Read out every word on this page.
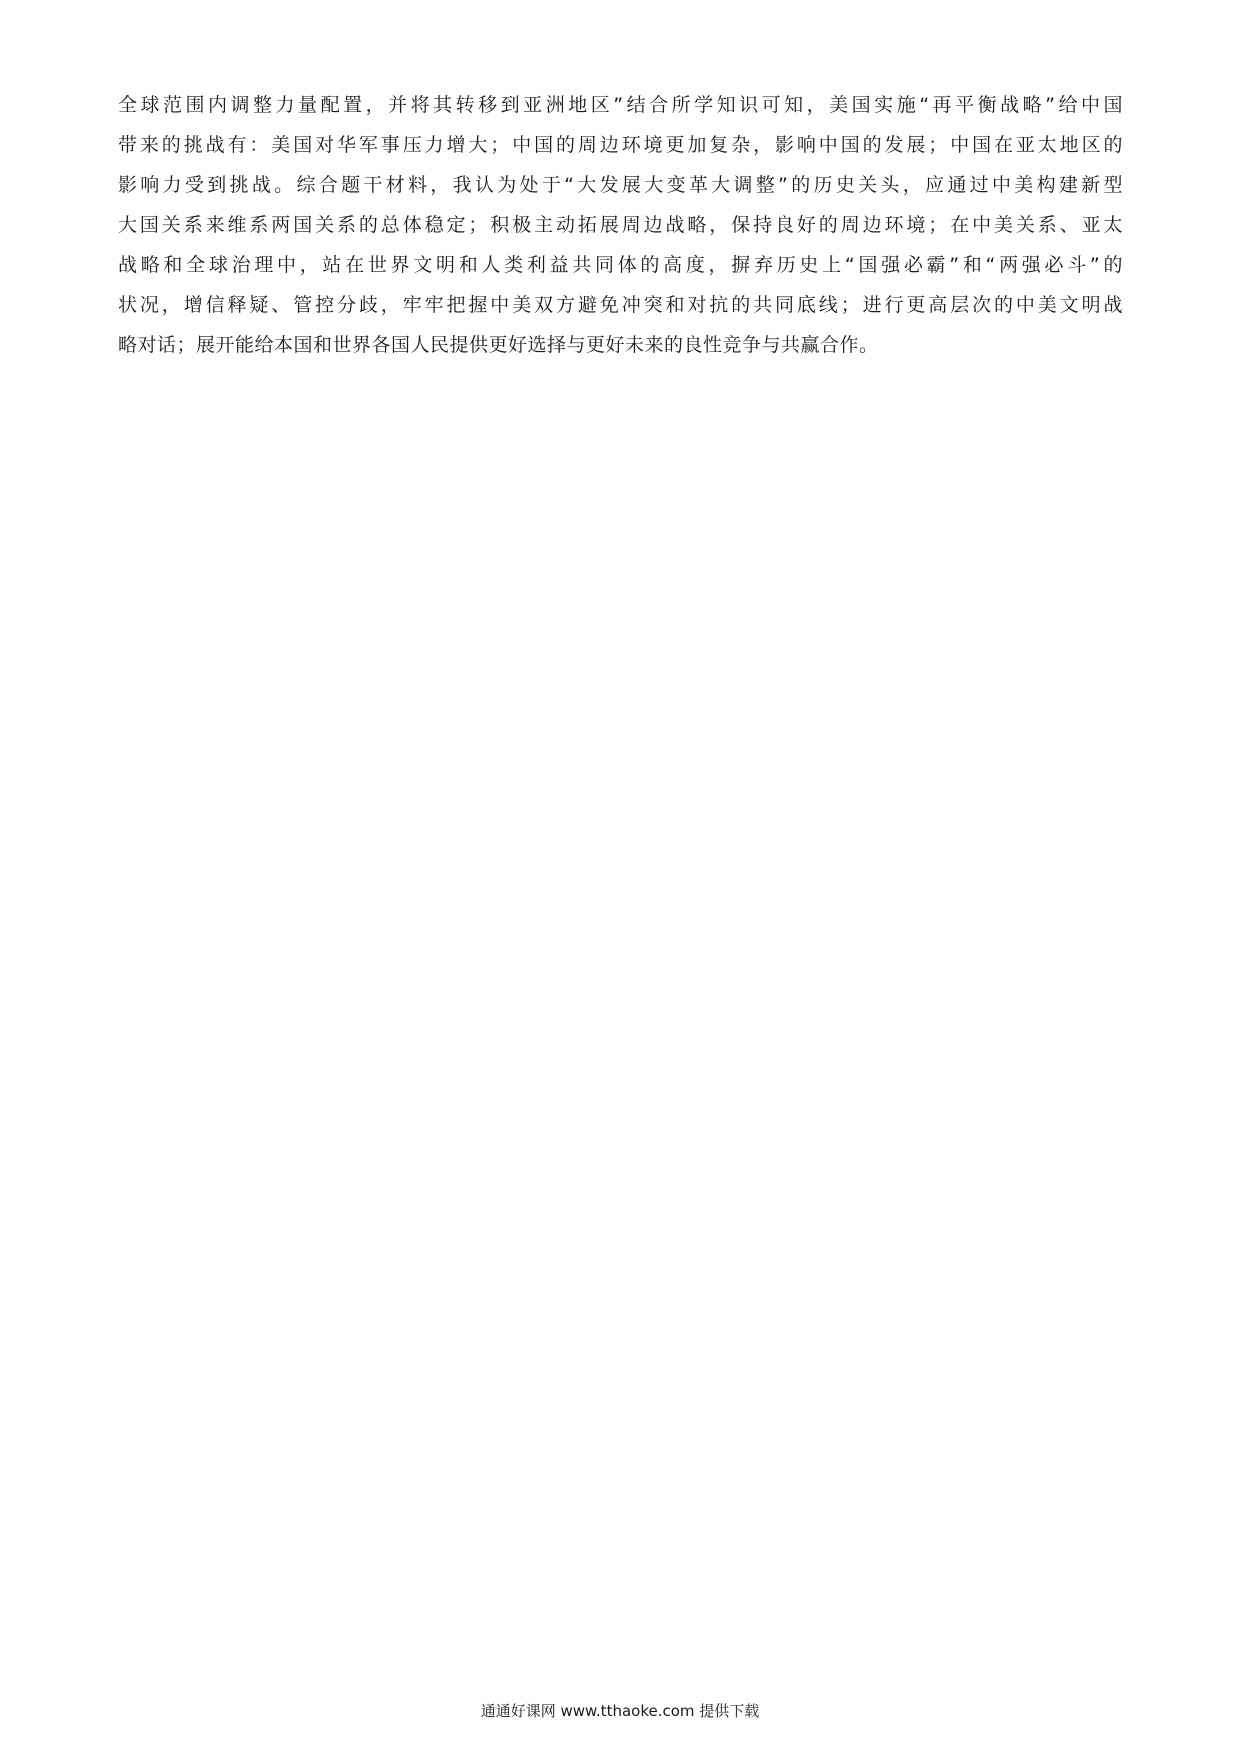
全球范围内调整力量配置，并将其转移到亚洲地区”结合所学知识可知，美国实施“再平衡战略”给中国
带来的挑战有：美国对华军事压力增大；中国的周边环境更加复杂，影响中国的发展；中国在亚太地区的
影响力受到挑战。综合题干材料，我认为处于“大发展大变革大调整”的历史关头，应通过中美构建新型
大国关系来维系两国关系的总体稳定；积极主动拓展周边战略，保持良好的周边环境；在中美关系、亚太
战略和全球治理中，站在世界文明和人类利益共同体的高度，摒弃历史上“国强必霸”和“两强必斗”的
状况，增信释疑、管控分歧，牢牢把握中美双方避免冲突和对抗的共同底线；进行更高层次的中美文明战
略对话；展开能给本国和世界各国人民提供更好选择与更好未来的良性竞争与共赢合作。
通通好课网 www.tthaoke.com 提供下载
